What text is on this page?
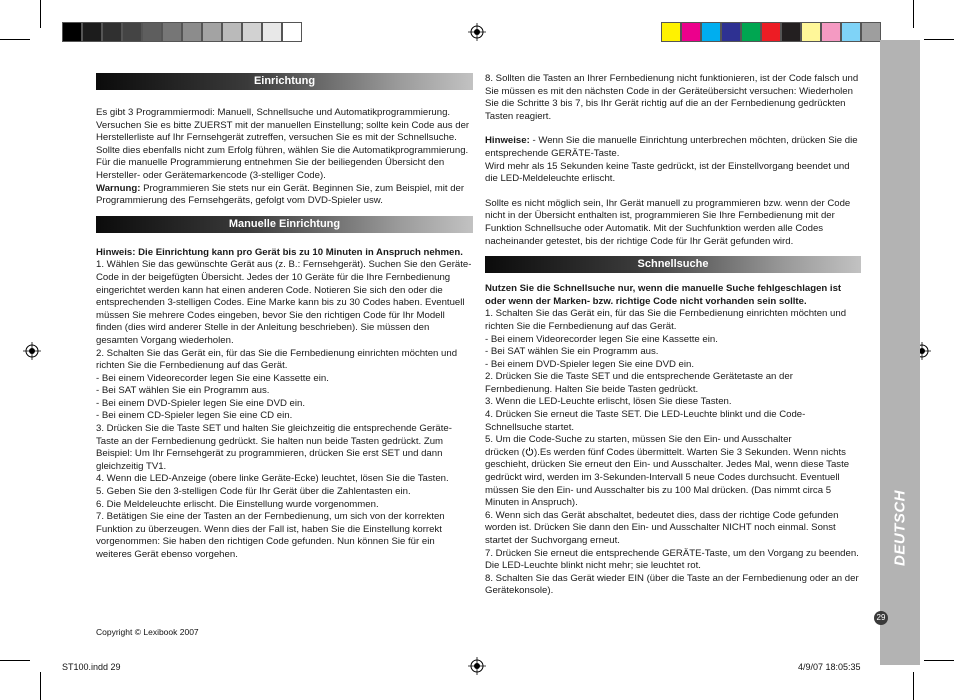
DEUTSCH
29
Einrichtung

Es gibt 3 Programmiermodi: Manuell, Schnellsuche und Automatikprogrammierung.

Versuchen Sie es bitte ZUERST mit der manuellen Einstellung; sollte kein Code aus der Herstellerliste auf Ihr Fernsehgerät zutreffen, versuchen Sie es mit der Schnellsuche. Sollte dies ebenfalls nicht zum Erfolg führen, wählen Sie die Automatikprogrammierung.

Für die manuelle Programmierung entnehmen Sie der beiliegenden Übersicht den Hersteller- oder Gerätemarkencode (3-stelliger Code).

Warnung: Programmieren Sie stets nur ein Gerät. Beginnen Sie, zum Beispiel, mit der Programmierung des Fernsehgeräts, gefolgt vom DVD-Spieler usw.

Manuelle Einrichtung

Hinweis: Die Einrichtung kann pro Gerät bis zu 10 Minuten in Anspruch nehmen.

1. Wählen Sie das gewünschte Gerät aus (z. B.: Fernsehgerät). Suchen Sie den Geräte-Code in der beigefügten Übersicht. Jedes der 10 Geräte für die Ihre Fernbedienung eingerichtet werden kann hat einen anderen Code. Notieren Sie sich den oder die entsprechenden 3-stelligen Codes. Eine Marke kann bis zu 30 Codes haben. Eventuell müssen Sie mehrere Codes eingeben, bevor Sie den richtigen Code für Ihr Modell finden (dies wird anderer Stelle in der Anleitung beschrieben). Sie müssen den gesamten Vorgang wiederholen.

2. Schalten Sie das Gerät ein, für das Sie die Fernbedienung einrichten möchten und richten Sie die Fernbedienung auf das Gerät.

- Bei einem Videorecorder legen Sie eine Kassette ein.

- Bei SAT wählen Sie ein Programm aus.

- Bei einem DVD-Spieler legen Sie eine DVD ein.

- Bei einem CD-Spieler legen Sie eine CD ein.

3. Drücken Sie die Taste SET und halten Sie gleichzeitig die entsprechende Geräte-Taste an der Fernbedienung gedrückt. Sie halten nun beide Tasten gedrückt. Zum Beispiel: Um Ihr Fernsehgerät zu programmieren, drücken Sie erst SET und dann gleichzeitig TV1.

4. Wenn die LED-Anzeige (obere linke Geräte-Ecke) leuchtet, lösen Sie die Tasten.

5. Geben Sie den 3-stelligen Code für Ihr Gerät über die Zahlentasten ein.

6. Die Meldeleuchte erlischt. Die Einstellung wurde vorgenommen.

7. Betätigen Sie eine der Tasten an der Fernbedienung, um sich von der korrekten Funktion zu überzeugen. Wenn dies der Fall ist, haben Sie die Einstellung korrekt vorgenommen: Sie haben den richtigen Code gefunden. Nun können Sie für ein weiteres Gerät ebenso vorgehen.

Copyright © Lexibook 2007

8. Sollten die Tasten an Ihrer Fernbedienung nicht funktionieren, ist der Code falsch und Sie müssen es mit den nächsten Code in der Geräteübersicht versuchen: Wiederholen Sie die Schritte 3 bis 7, bis Ihr Gerät richtig auf die an der Fernbedienung gedrückten Tasten reagiert.

Hinweise: - Wenn Sie die manuelle Einrichtung unterbrechen möchten, drücken Sie die entsprechende GERÄTE-Taste.

Wird mehr als 15 Sekunden keine Taste gedrückt, ist der Einstellvorgang beendet und die LED-Meldeleuchte erlischt.

Sollte es nicht möglich sein, Ihr Gerät manuell zu programmieren bzw. wenn der Code nicht in der Übersicht enthalten ist, programmieren Sie Ihre Fernbedienung mit der Funktion Schnellsuche oder Automatik. Mit der Suchfunktion werden alle Codes nacheinander getestet, bis der richtige Code für Ihr Gerät gefunden wird.

Schnellsuche

Nutzen Sie die Schnellsuche nur, wenn die manuelle Suche fehlgeschlagen ist oder wenn der Marken- bzw. richtige Code nicht vorhanden sein sollte.

1. Schalten Sie das Gerät ein, für das Sie die Fernbedienung einrichten möchten und richten Sie die Fernbedienung auf das Gerät.

- Bei einem Videorecorder legen Sie eine Kassette ein.

- Bei SAT wählen Sie ein Programm aus.

- Bei einem DVD-Spieler legen Sie eine DVD ein.

2. Drücken Sie die Taste SET und die entsprechende Gerätetaste an der Fernbedienung. Halten Sie beide Tasten gedrückt.

3. Wenn die LED-Leuchte erlischt, lösen Sie diese Tasten.

4. Drücken Sie erneut die Taste SET. Die LED-Leuchte blinkt und die Code-Schnellsuche startet.

5. Um die Code-Suche zu starten, müssen Sie den Ein- und Ausschalter

drücken ( ).Es werden fünf Codes übermittelt. Warten Sie 3 Sekunden. Wenn nichts geschieht, drücken Sie erneut den Ein- und Ausschalter. Jedes Mal, wenn diese Taste gedrückt wird, werden im 3-Sekunden-Intervall 5 neue Codes durchsucht. Eventuell müssen Sie den Ein- und Ausschalter bis zu 100 Mal drücken. (Das nimmt circa 5 Minuten in Anspruch).

6. Wenn sich das Gerät abschaltet, bedeutet dies, dass der richtige Code gefunden worden ist. Drücken Sie dann den Ein- und Ausschalter NICHT noch einmal. Sonst startet der Suchvorgang erneut.

7. Drücken Sie erneut die entsprechende GERÄTE-Taste, um den Vorgang zu beenden. Die LED-Leuchte blinkt nicht mehr; sie leuchtet rot.

8. Schalten Sie das Gerät wieder EIN (über die Taste an der Fernbedienung oder an der Gerätekonsole).

ST100.indd 29	4/9/07 18:05:35
